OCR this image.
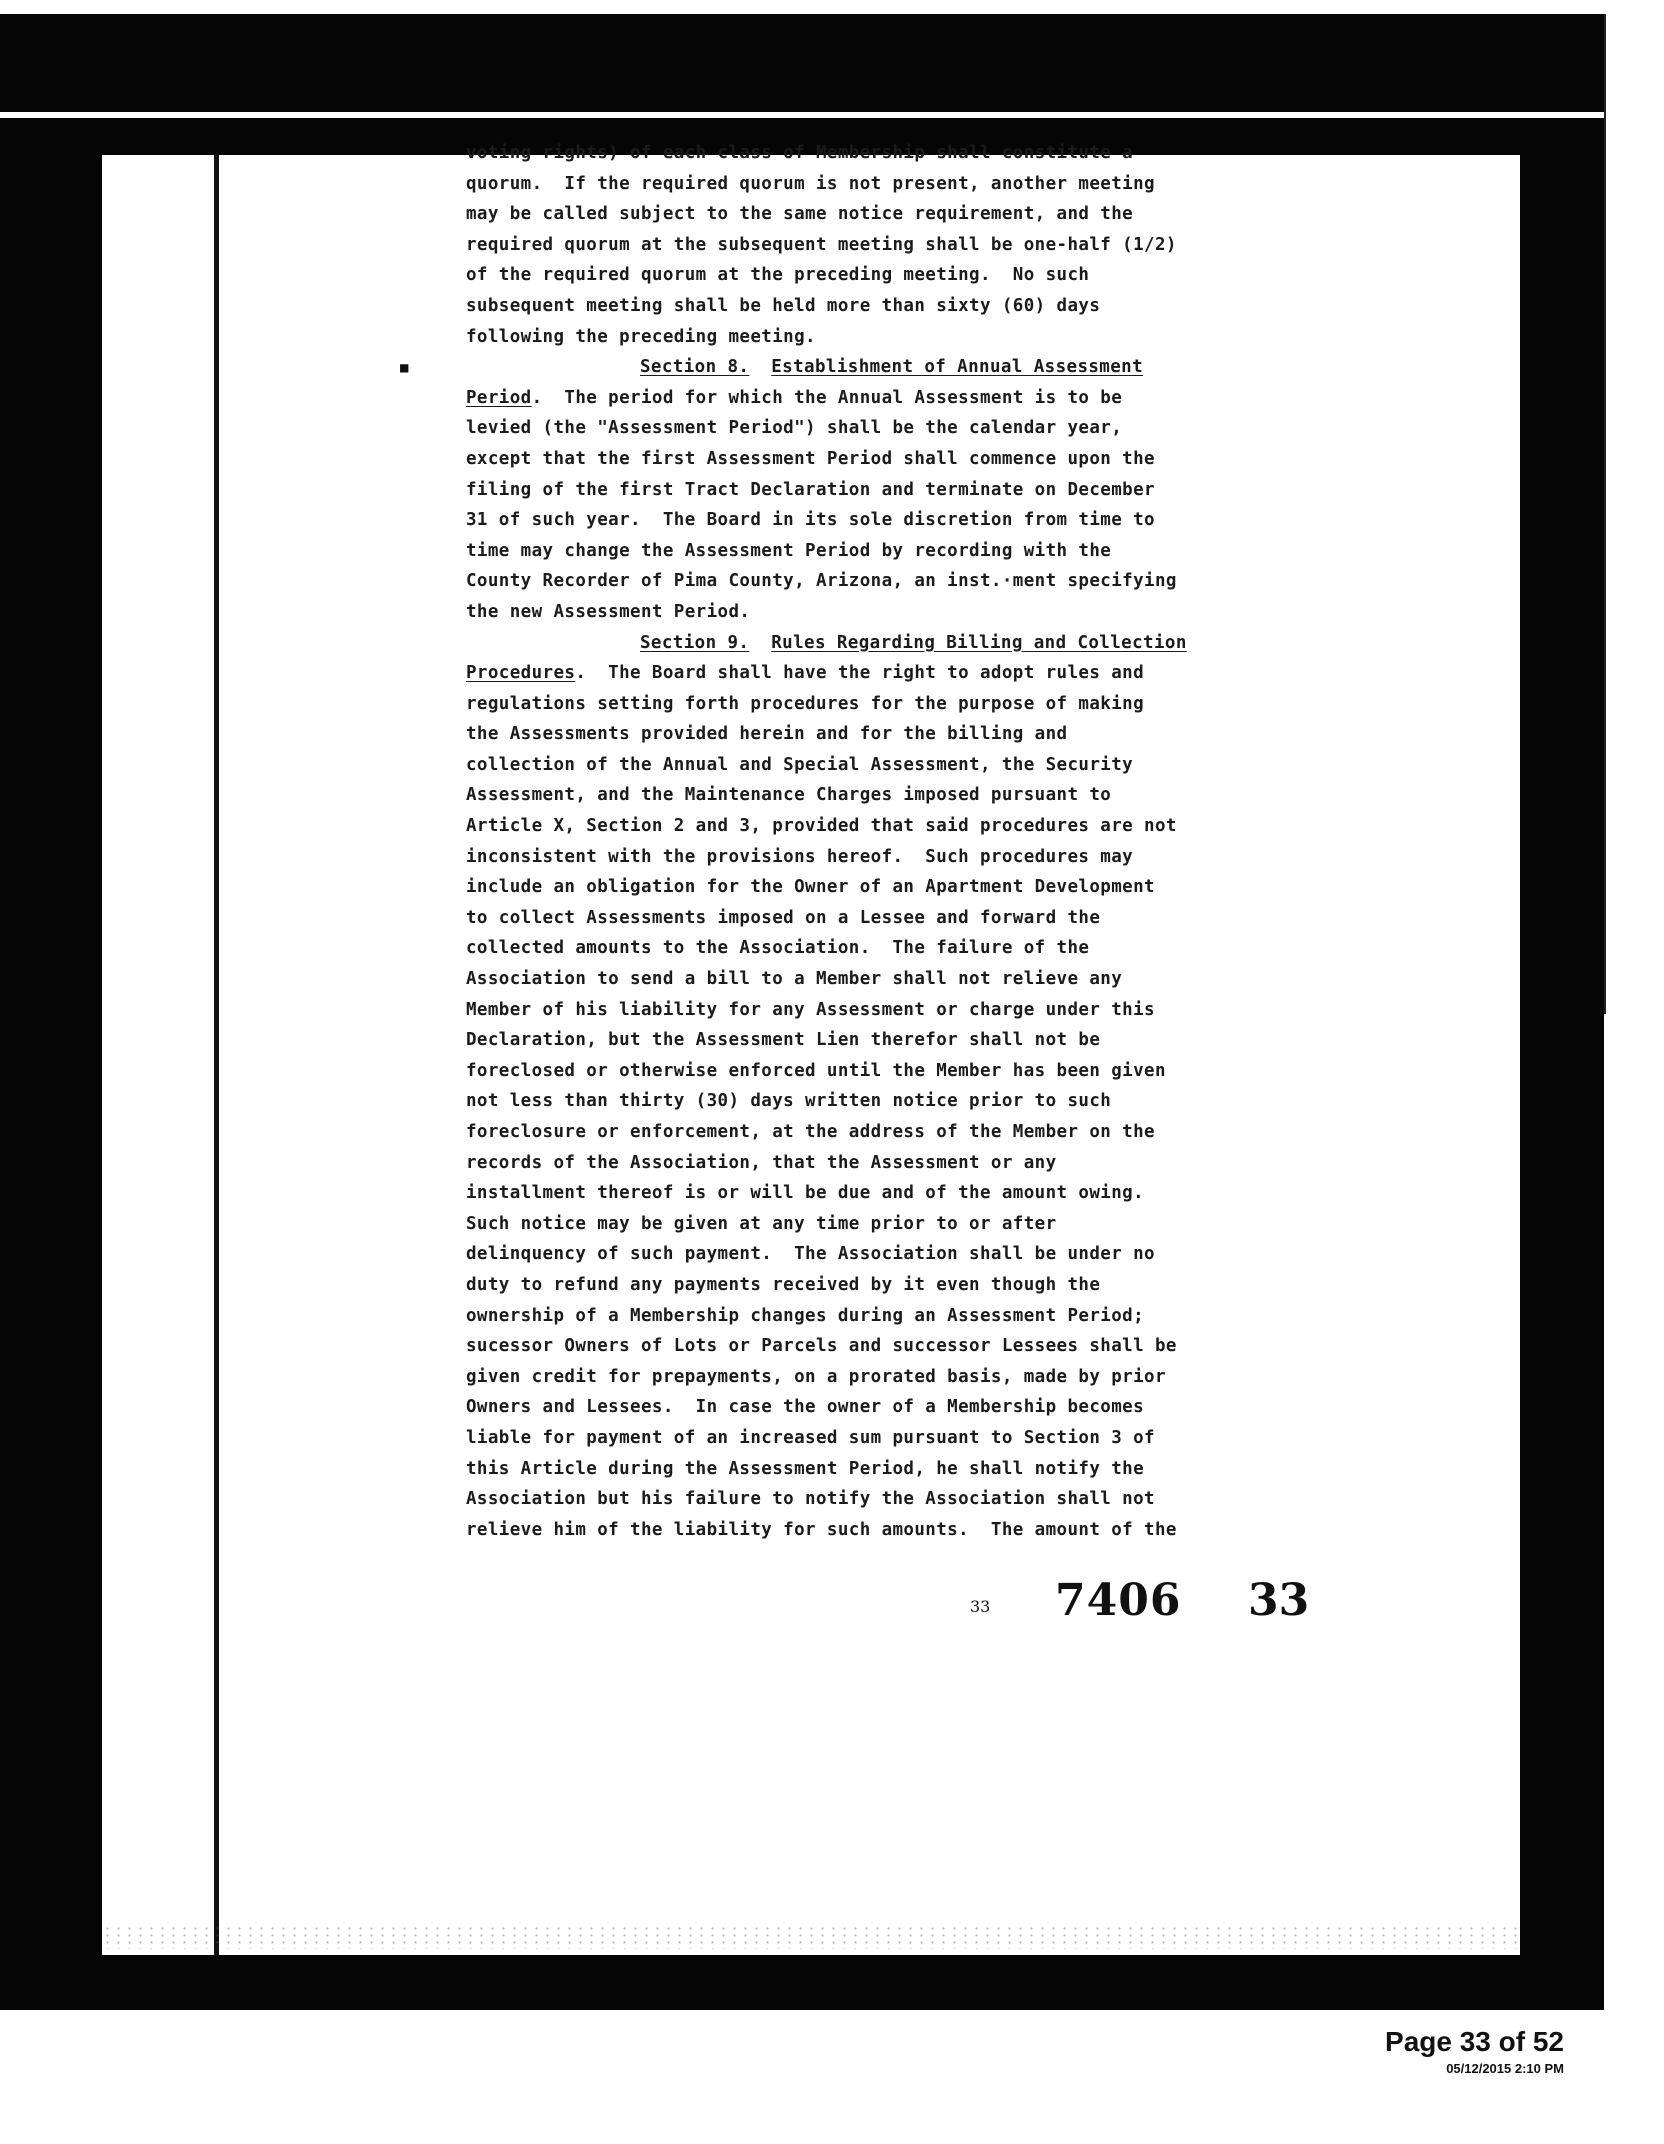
■
voting rights) of each class of Membership shall constitute a
quorum.  If the required quorum is not present, another meeting
may be called subject to the same notice requirement, and the
required quorum at the subsequent meeting shall be one-half (1/2)
of the required quorum at the preceding meeting.  No such
subsequent meeting shall be held more than sixty (60) days
following the preceding meeting.
Section 8. Establishment of Annual Assessment
Period.  The period for which the Annual Assessment is to be
levied (the "Assessment Period") shall be the calendar year,
except that the first Assessment Period shall commence upon the
filing of the first Tract Declaration and terminate on December
31 of such year.  The Board in its sole discretion from time to
time may change the Assessment Period by recording with the
County Recorder of Pima County, Arizona, an inst.·ment specifying
the new Assessment Period.
Section 9. Rules Regarding Billing and Collection
Procedures.  The Board shall have the right to adopt rules and
regulations setting forth procedures for the purpose of making
the Assessments provided herein and for the billing and
collection of the Annual and Special Assessment, the Security
Assessment, and the Maintenance Charges imposed pursuant to
Article X, Section 2 and 3, provided that said procedures are not
inconsistent with the provisions hereof.  Such procedures may
include an obligation for the Owner of an Apartment Development
to collect Assessments imposed on a Lessee and forward the
collected amounts to the Association.  The failure of the
Association to send a bill to a Member shall not relieve any
Member of his liability for any Assessment or charge under this
Declaration, but the Assessment Lien therefor shall not be
foreclosed or otherwise enforced until the Member has been given
not less than thirty (30) days written notice prior to such
foreclosure or enforcement, at the address of the Member on the
records of the Association, that the Assessment or any
installment thereof is or will be due and of the amount owing.
Such notice may be given at any time prior to or after
delinquency of such payment.  The Association shall be under no
duty to refund any payments received by it even though the
ownership of a Membership changes during an Assessment Period;
sucessor Owners of Lots or Parcels and successor Lessees shall be
given credit for prepayments, on a prorated basis, made by prior
Owners and Lessees.  In case the owner of a Membership becomes
liable for payment of an increased sum pursuant to Section 3 of
this Article during the Assessment Period, he shall notify the
Association but his failure to notify the Association shall not
relieve him of the liability for such amounts.  The amount of the
33 7406 33
Page 33 of 52
05/12/2015 2:10 PM
